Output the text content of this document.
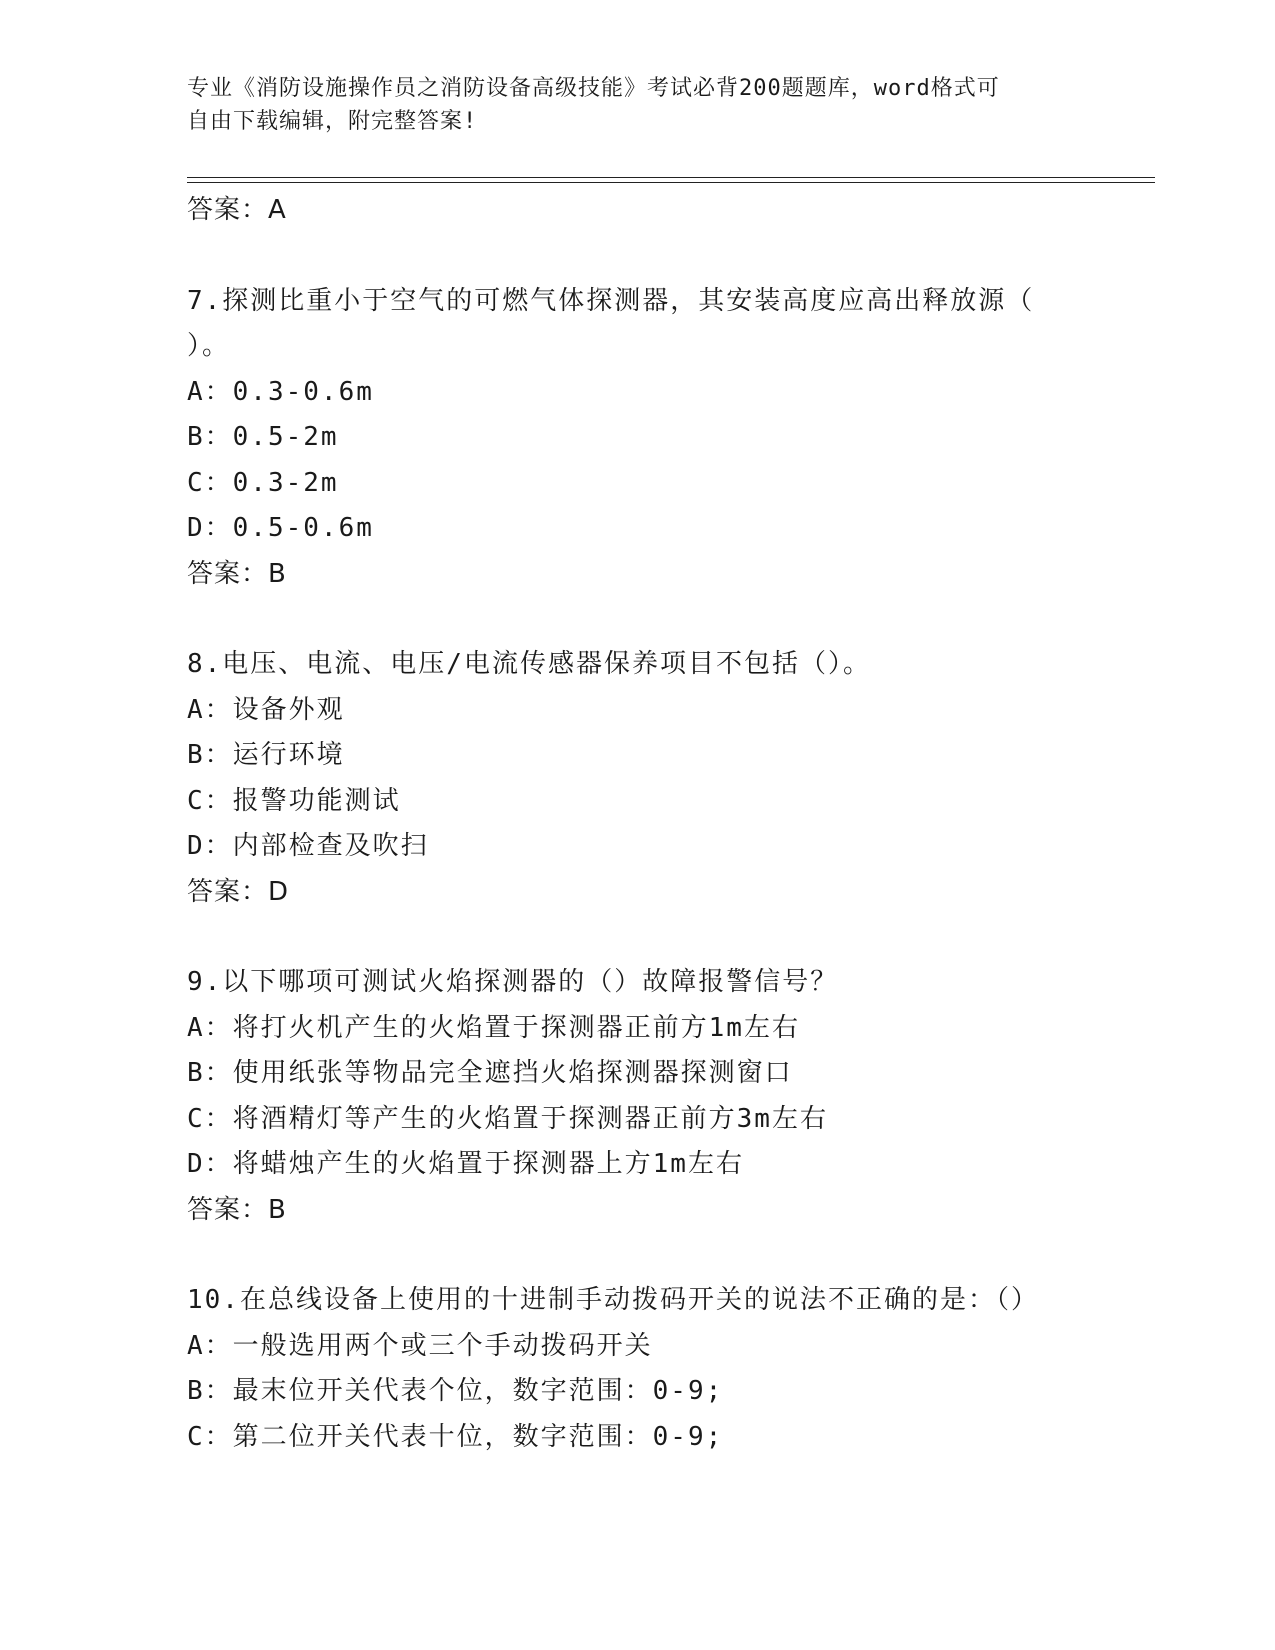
专业《消防设施操作员之消防设备高级技能》考试必背200题题库，word格式可
自由下载编辑，附完整答案!
答案：A
7.探测比重小于空气的可燃气体探测器，其安装高度应高出释放源（
）。
A：0.3-0.6m
B：0.5-2m
C：0.3-2m
D：0.5-0.6m
答案：B
8.电压、电流、电压/电流传感器保养项目不包括（）。
A：设备外观
B：运行环境
C：报警功能测试
D：内部检查及吹扫
答案：D
9.以下哪项可测试火焰探测器的（）故障报警信号？
A：将打火机产生的火焰置于探测器正前方1m左右
B：使用纸张等物品完全遮挡火焰探测器探测窗口
C：将酒精灯等产生的火焰置于探测器正前方3m左右
D：将蜡烛产生的火焰置于探测器上方1m左右
答案：B
10.在总线设备上使用的十进制手动拨码开关的说法不正确的是：（）
A：一般选用两个或三个手动拨码开关
B：最末位开关代表个位，数字范围：0-9;
C：第二位开关代表十位，数字范围：0-9;
